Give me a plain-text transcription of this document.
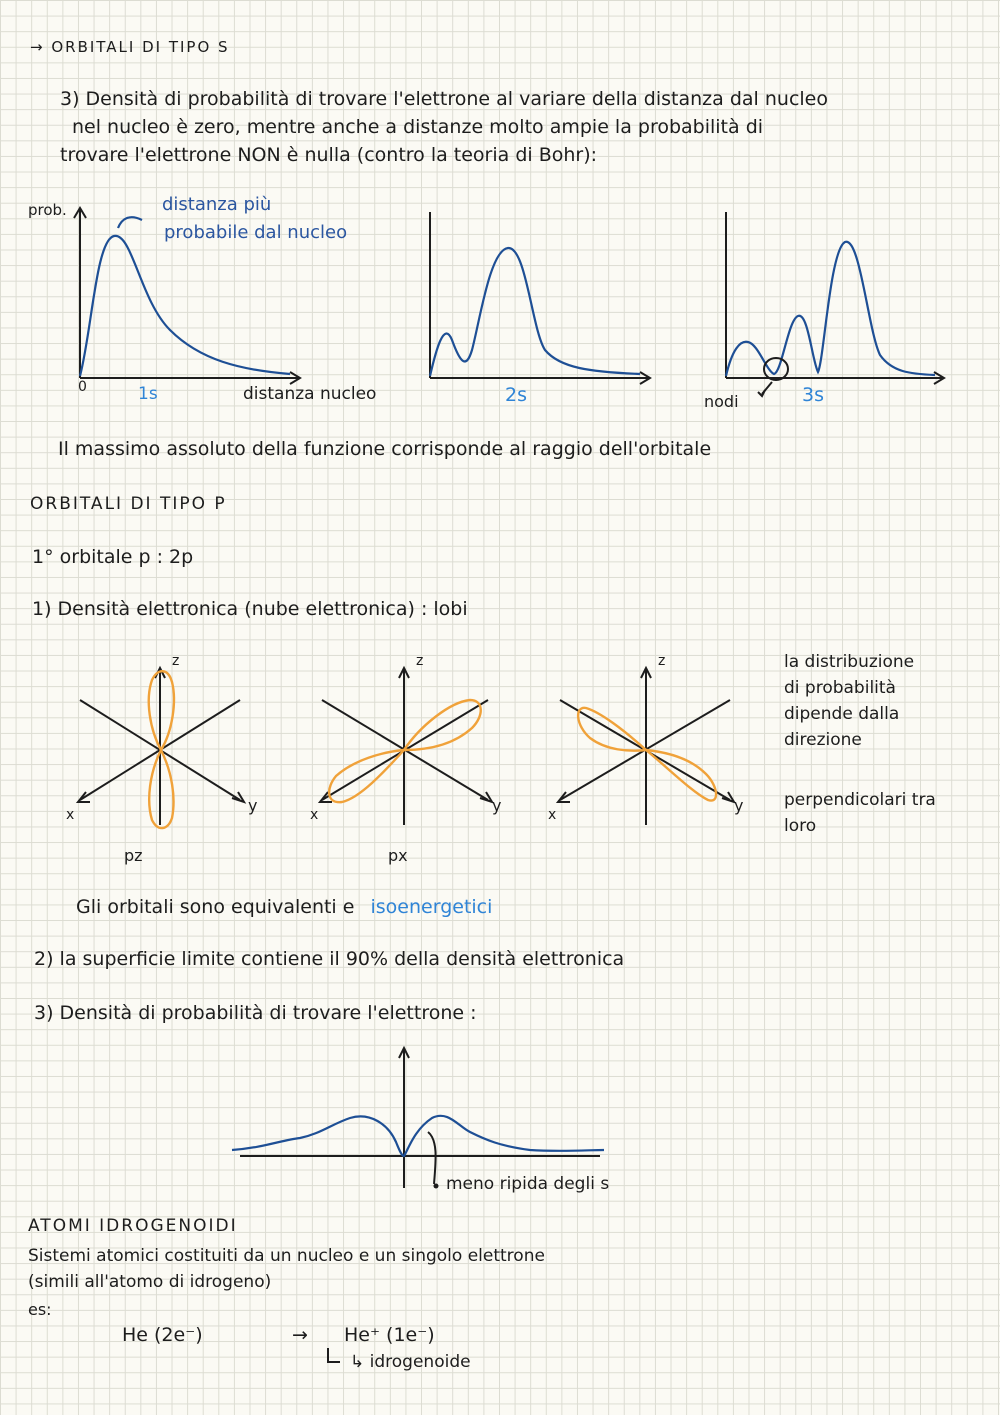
→ ORBITALI DI TIPO S
3) Densità di probabilità di trovare l'elettrone al variare della distanza dal nucleo
nel nucleo è zero, mentre anche a distanze molto ampie la probabilità di
trovare l'elettrone NON è nulla (contro la teoria di Bohr):
prob.	distanza più
probabile dal nucleo
0	1s	distanza nucleo	2s	nodi	3s
Il massimo assoluto della funzione corrisponde al raggio dell'orbitale
ORBITALI DI TIPO P
1° orbitale p : 2p
1) Densità elettronica (nube elettronica) : lobi
z	z	z
x	x	x
y	y	y
pz	px
la distribuzione
di probabilità
dipende dalla
direzione
perpendicolari tra
loro
Gli orbitali sono equivalenti e isoenergetici
2) la superficie limite contiene il 90% della densità elettronica
3) Densità di probabilità di trovare l'elettrone :
meno ripida degli s
ATOMI IDROGENOIDI
Sistemi atomici costituiti da un nucleo e un singolo elettrone
(simili all'atomo di idrogeno)
es:
He (2e⁻)	→ He⁺ (1e⁻)
↳ idrogenoide
